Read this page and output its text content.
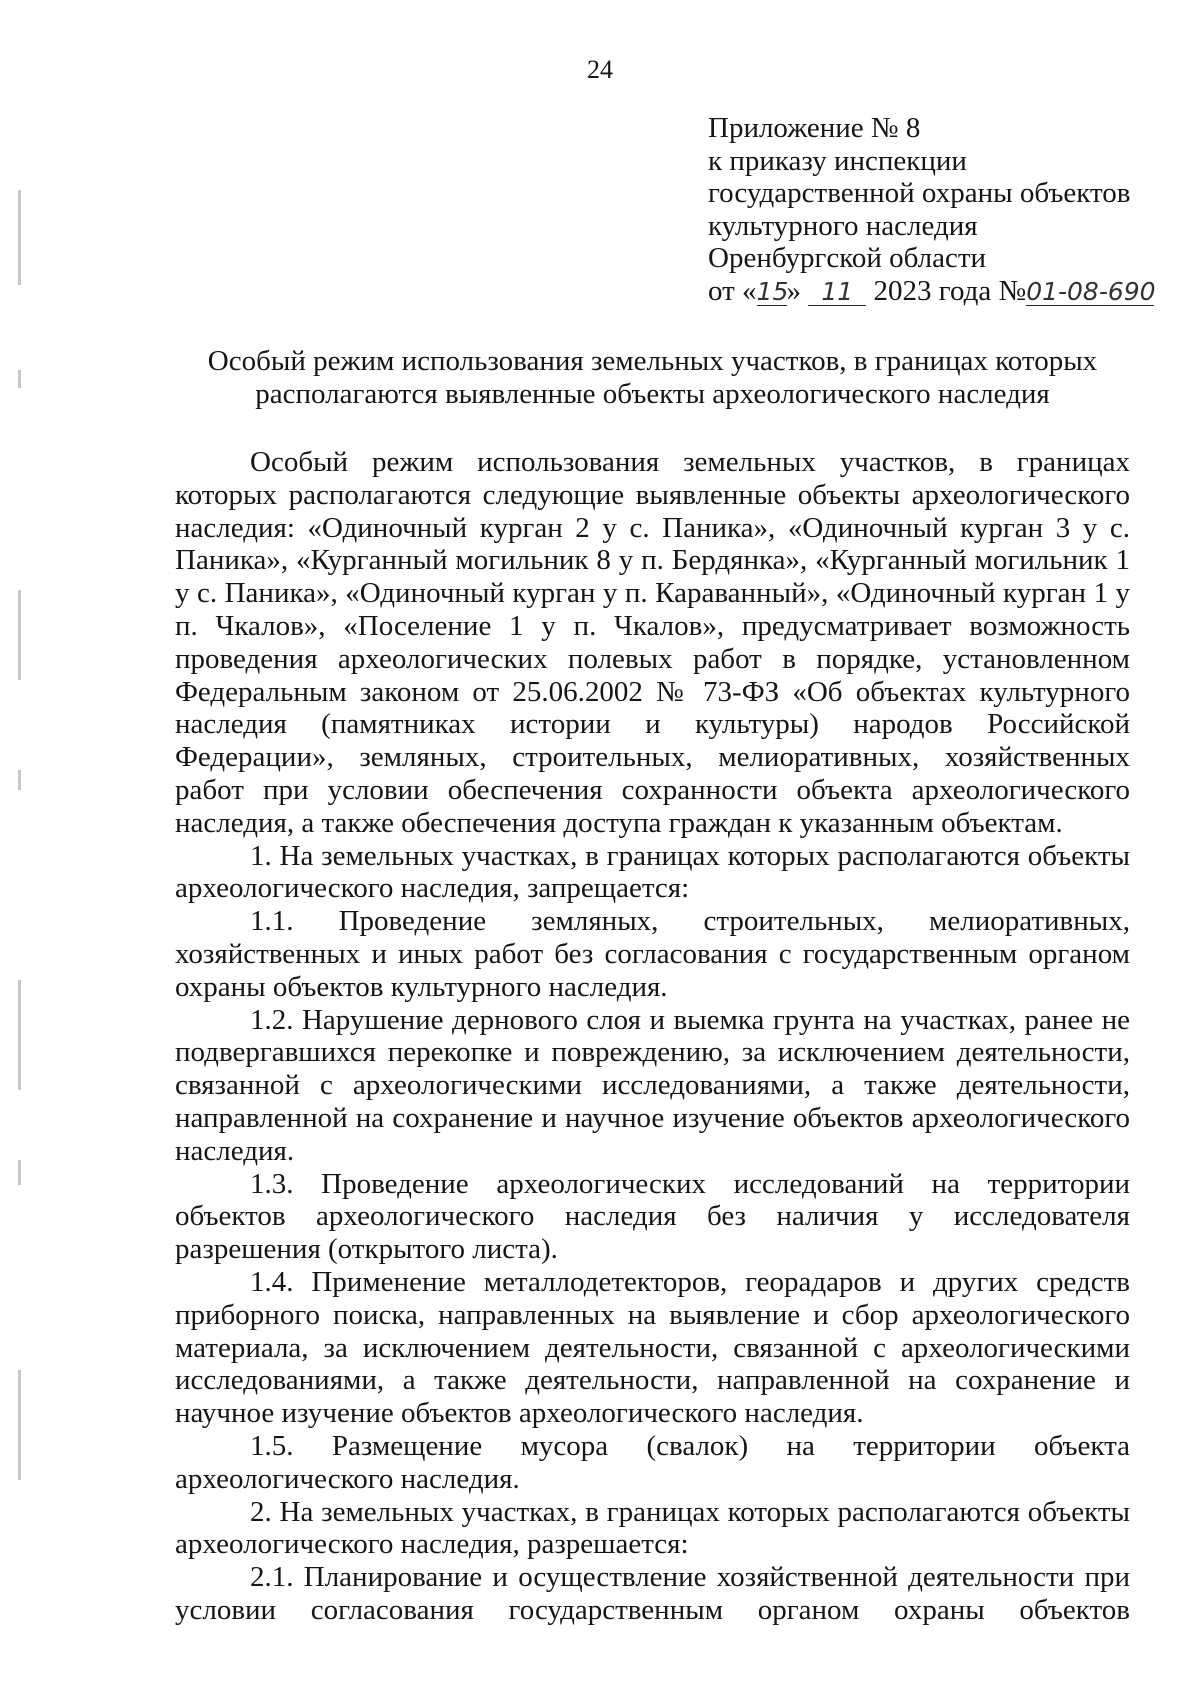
24
Приложение № 8
к приказу инспекции
государственной охраны объектов
культурного наследия
Оренбургской области
от «15» 11 2023 года №01-08-690
Особый режим использования земельных участков, в границах которых
располагаются выявленные объекты археологического наследия

Особый режим использования земельных участков, в границах которых располагаются следующие выявленные объекты археологического наследия: «Одиночный курган 2 у с. Паника», «Одиночный курган 3 у с. Паника», «Курганный могильник 8 у п. Бердянка», «Курганный могильник 1 у с. Паника», «Одиночный курган у п. Караванный», «Одиночный курган 1 у п. Чкалов», «Поселение 1 у п. Чкалов», предусматривает возможность проведения археологических полевых работ в порядке, установленном Федеральным законом от 25.06.2002 № 73-ФЗ «Об объектах культурного наследия (памятниках истории и культуры) народов Российской Федерации», земляных, строительных, мелиоративных, хозяйственных работ при условии обеспечения сохранности объекта археологического наследия, а также обеспечения доступа граждан к указанным объектам.

1. На земельных участках, в границах которых располагаются объекты археологического наследия, запрещается:

1.1. Проведение земляных, строительных, мелиоративных, хозяйственных и иных работ без согласования с государственным органом охраны объектов культурного наследия.

1.2. Нарушение дернового слоя и выемка грунта на участках, ранее не подвергавшихся перекопке и повреждению, за исключением деятельности, связанной с археологическими исследованиями, а также деятельности, направленной на сохранение и научное изучение объектов археологического наследия.

1.3. Проведение археологических исследований на территории объектов археологического наследия без наличия у исследователя разрешения (открытого листа).

1.4. Применение металлодетекторов, георадаров и других средств приборного поиска, направленных на выявление и сбор археологического материала, за исключением деятельности, связанной с археологическими исследованиями, а также деятельности, направленной на сохранение и научное изучение объектов археологического наследия.

1.5. Размещение мусора (свалок) на территории объекта археологического наследия.

2. На земельных участках, в границах которых располагаются объекты археологического наследия, разрешается:

2.1. Планирование и осуществление хозяйственной деятельности при условии согласования государственным органом охраны объектов
